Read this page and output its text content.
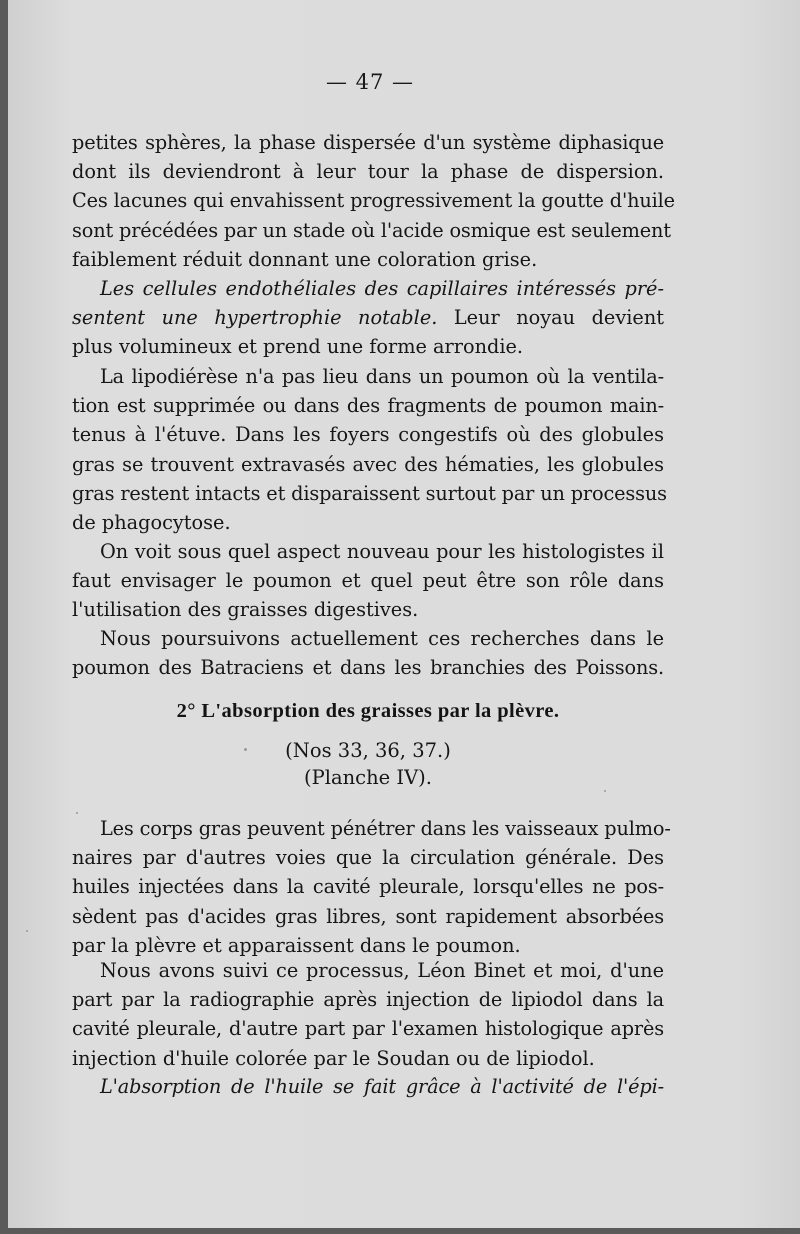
— 47 —
petites sphères, la phase dispersée d'un système diphasique
dont ils deviendront à leur tour la phase de dispersion.
Ces lacunes qui envahissent progressivement la goutte d'huile
sont précédées par un stade où l'acide osmique est seulement
faiblement réduit donnant une coloration grise.
Les cellules endothéliales des capillaires intéressés pré-
sentent une hypertrophie notable. Leur noyau devient
plus volumineux et prend une forme arrondie.
La lipodiérèse n'a pas lieu dans un poumon où la ventila-
tion est supprimée ou dans des fragments de poumon main-
tenus à l'étuve. Dans les foyers congestifs où des globules
gras se trouvent extravasés avec des hématies, les globules
gras restent intacts et disparaissent surtout par un processus
de phagocytose.
On voit sous quel aspect nouveau pour les histologistes il
faut envisager le poumon et quel peut être son rôle dans
l'utilisation des graisses digestives.
Nous poursuivons actuellement ces recherches dans le
poumon des Batraciens et dans les branchies des Poissons.
2° L'absorption des graisses par la plèvre.
(Nos 33, 36, 37.)
(Planche IV).
Les corps gras peuvent pénétrer dans les vaisseaux pulmo-
naires par d'autres voies que la circulation générale. Des
huiles injectées dans la cavité pleurale, lorsqu'elles ne pos-
sèdent pas d'acides gras libres, sont rapidement absorbées
par la plèvre et apparaissent dans le poumon.
Nous avons suivi ce processus, Léon Binet et moi, d'une
part par la radiographie après injection de lipiodol dans la
cavité pleurale, d'autre part par l'examen histologique après
injection d'huile colorée par le Soudan ou de lipiodol.
L'absorption de l'huile se fait grâce à l'activité de l'épi-
